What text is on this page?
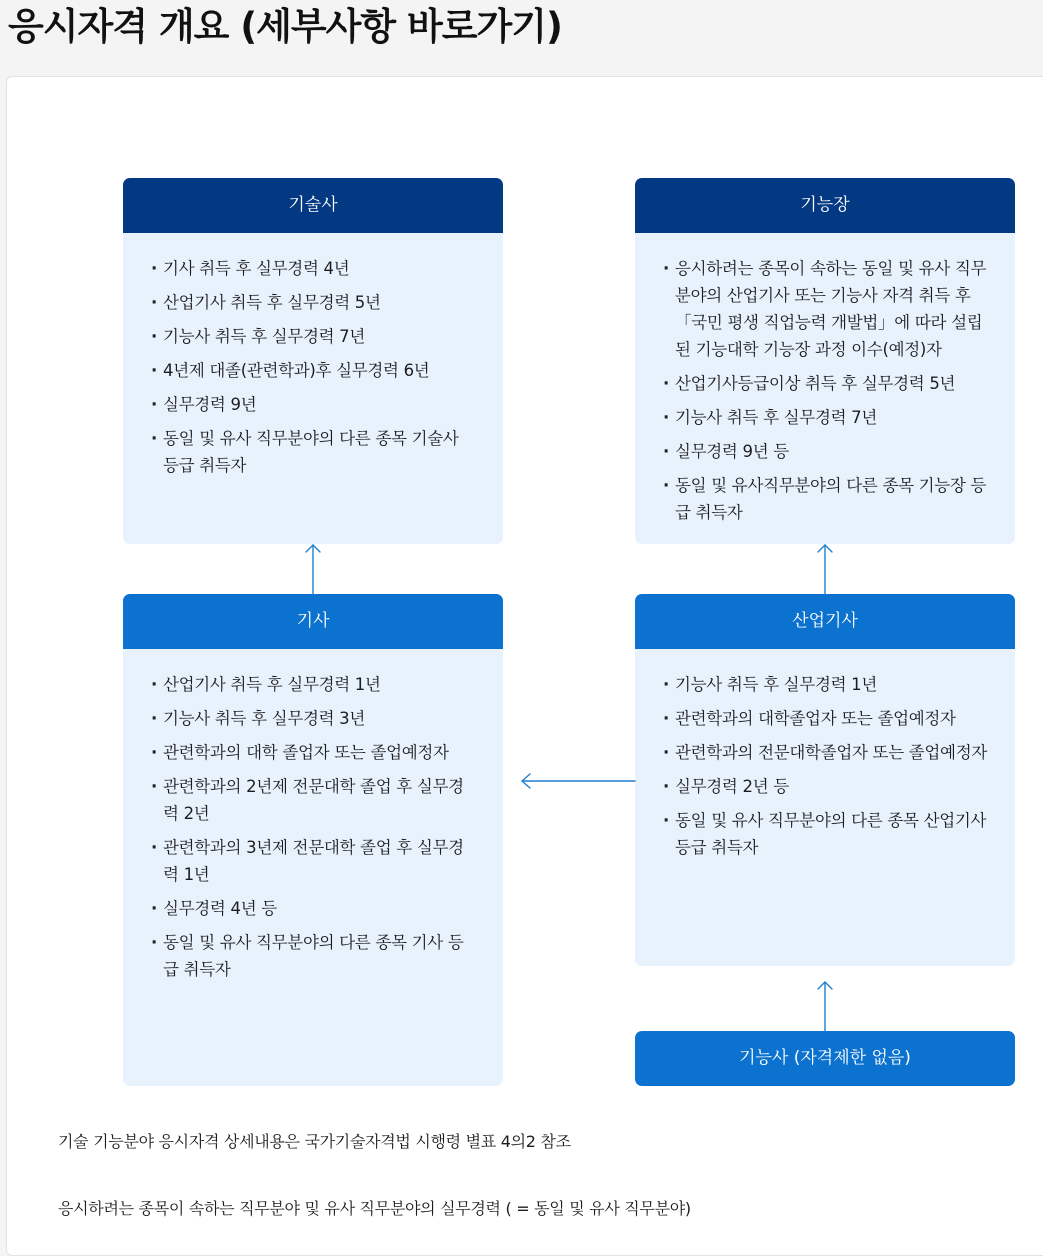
응시자격 개요 (세부사항 바로가기)
기술사
· 기사 취득 후 실무경력 4년
· 산업기사 취득 후 실무경력 5년
· 기능사 취득 후 실무경력 7년
· 4년제 대졸(관련학과)후 실무경력 6년
· 실무경력 9년
· 동일 및 유사 직무분야의 다른 종목 기술사 등급 취득자
기능장
· 응시하려는 종목이 속하는 동일 및 유사 직무분야의 산업기사 또는 기능사 자격 취득 후 「국민 평생 직업능력 개발법」에 따라 설립된 기능대학 기능장 과정 이수(예정)자
· 산업기사등급이상 취득 후 실무경력 5년
· 기능사 취득 후 실무경력 7년
· 실무경력 9년 등
· 동일 및 유사직무분야의 다른 종목 기능장 등급 취득자
기사
· 산업기사 취득 후 실무경력 1년
· 기능사 취득 후 실무경력 3년
· 관련학과의 대학 졸업자 또는 졸업예정자
· 관련학과의 2년제 전문대학 졸업 후 실무경력 2년
· 관련학과의 3년제 전문대학 졸업 후 실무경력 1년
· 실무경력 4년 등
· 동일 및 유사 직무분야의 다른 종목 기사 등급 취득자
산업기사
· 기능사 취득 후 실무경력 1년
· 관련학과의 대학졸업자 또는 졸업예정자
· 관련학과의 전문대학졸업자 또는 졸업예정자
· 실무경력 2년 등
· 동일 및 유사 직무분야의 다른 종목 산업기사 등급 취득자
기능사 (자격제한 없음)

기술 기능분야 응시자격 상세내용은 국가기술자격법 시행령 별표 4의2 참조

응시하려는 종목이 속하는 직무분야 및 유사 직무분야의 실무경력 ( = 동일 및 유사 직무분야)
